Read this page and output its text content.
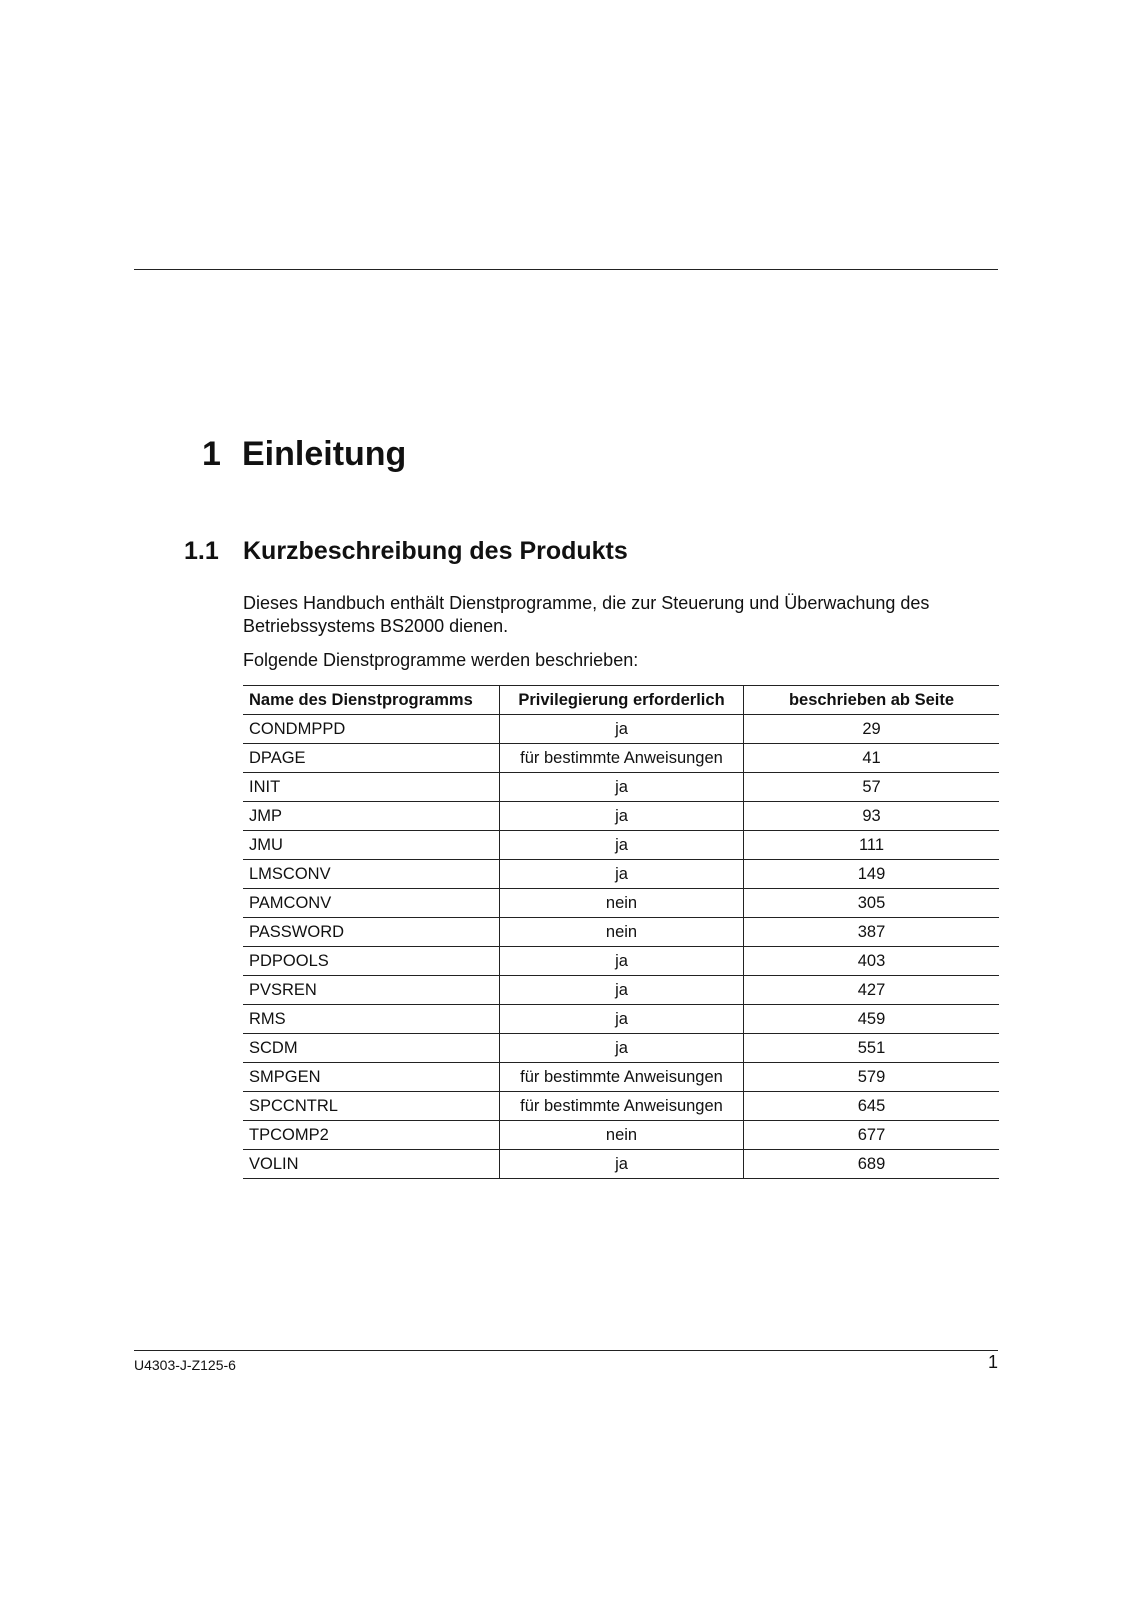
1 Einleitung
1.1 Kurzbeschreibung des Produkts

Dieses Handbuch enthält Dienstprogramme, die zur Steuerung und Überwachung des Betriebssystems BS2000 dienen.

Folgende Dienstprogramme werden beschrieben:

Name des Dienstprogramms	Privilegierung erforderlich	beschrieben ab Seite
CONDMPPD	ja	29
DPAGE	für bestimmte Anweisungen	41
INIT	ja	57
JMP	ja	93
JMU	ja	111
LMSCONV	ja	149
PAMCONV	nein	305
PASSWORD	nein	387
PDPOOLS	ja	403
PVSREN	ja	427
RMS	ja	459
SCDM	ja	551
SMPGEN	für bestimmte Anweisungen	579
SPCCNTRL	für bestimmte Anweisungen	645
TPCOMP2	nein	677
VOLIN	ja	689
U4303-J-Z125-6	1
